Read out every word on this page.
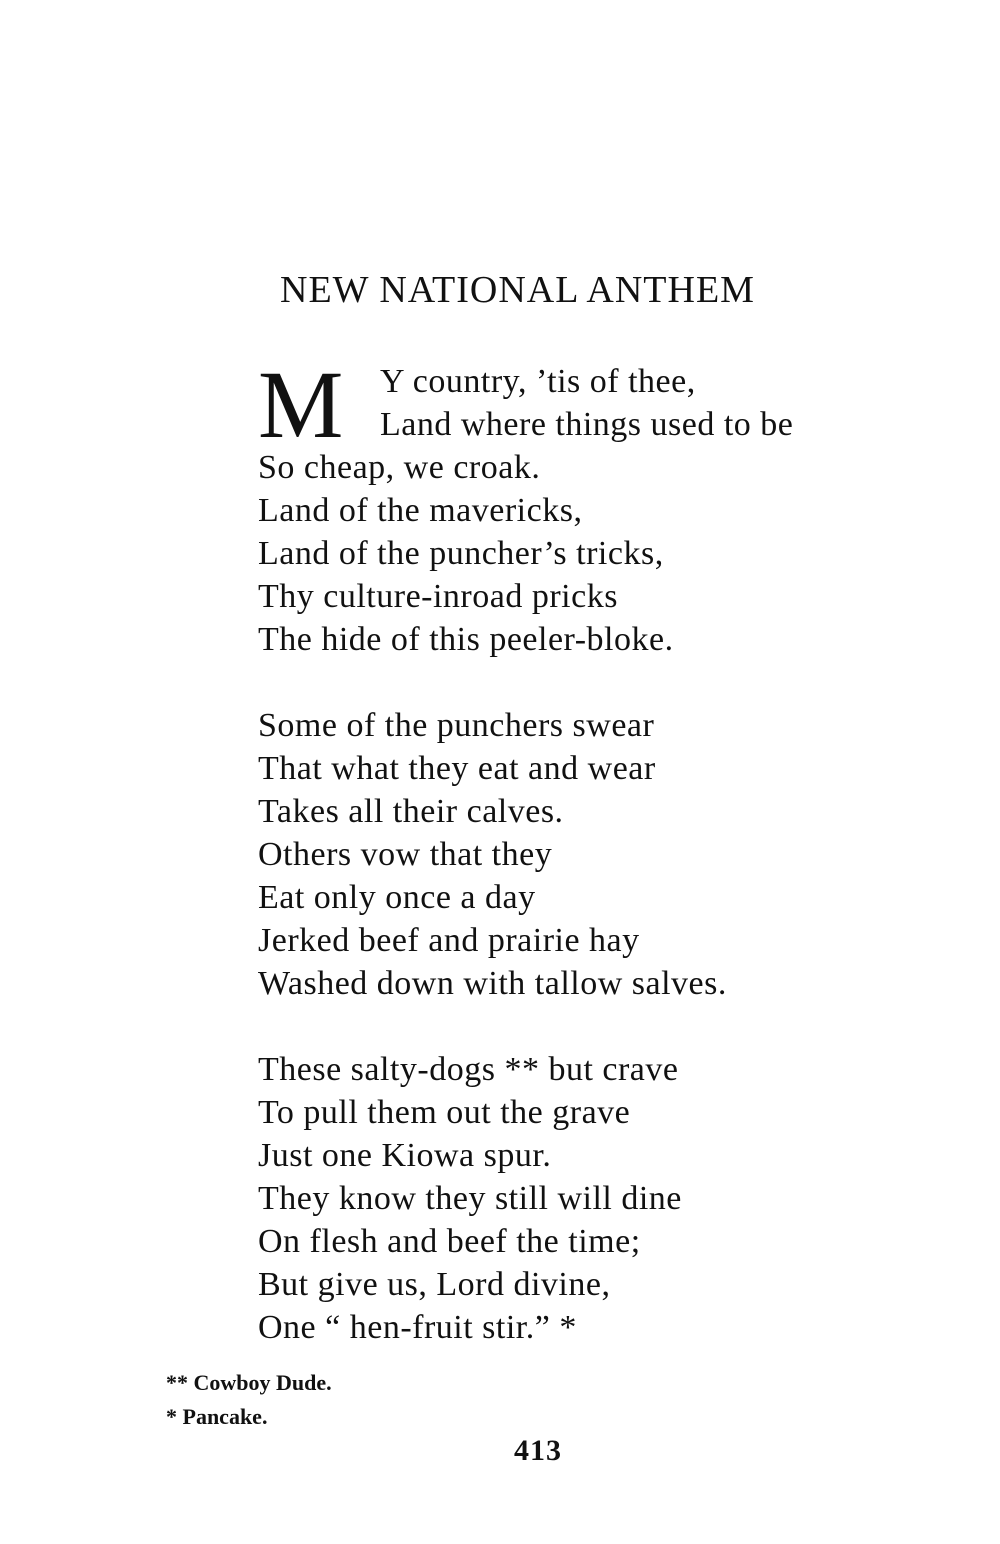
NEW NATIONAL ANTHEM
M Y country, ’tis of thee,
Land where things used to be
So cheap, we croak.
Land of the mavericks,
Land of the puncher’s tricks,
Thy culture-inroad pricks
The hide of this peeler-bloke.
Some of the punchers swear
That what they eat and wear
Takes all their calves.
Others vow that they
Eat only once a day
Jerked beef and prairie hay
Washed down with tallow salves.
These salty-dogs ** but crave
To pull them out the grave
Just one Kiowa spur.
They know they still will dine
On flesh and beef the time;
But give us, Lord divine,
One “ hen-fruit stir.” *
** Cowboy Dude.
* Pancake.
413
